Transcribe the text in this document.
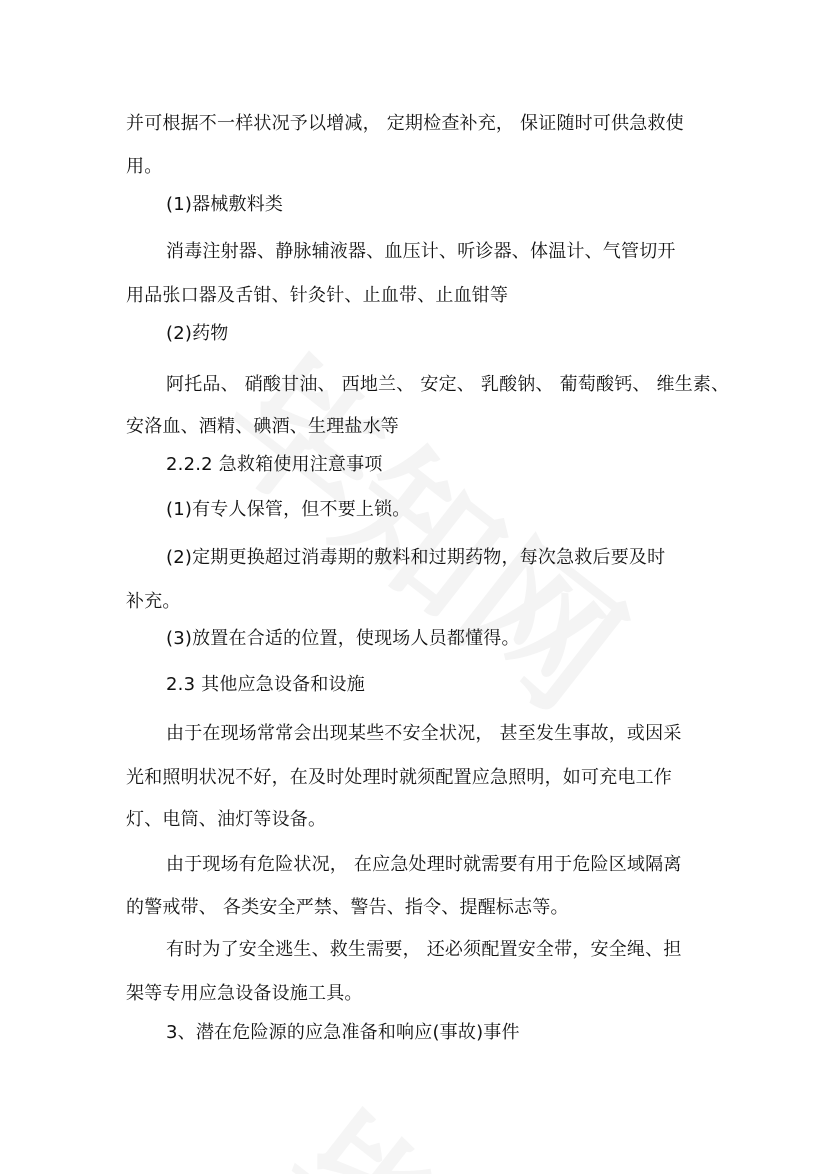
并可根据不一样状况予以增减， 定期检查补充， 保证随时可供急救使

用。

(1)器械敷料类

消毒注射器、静脉辅液器、血压计、听诊器、体温计、气管切开

用品张口器及舌钳、针灸针、止血带、止血钳等

(2)药物

阿托品、 硝酸甘油、 西地兰、 安定、 乳酸钠、 葡萄酸钙、 维生素、

安洛血、酒精、碘酒、生理盐水等

2.2.2 急救箱使用注意事项

(1)有专人保管，但不要上锁。

(2)定期更换超过消毒期的敷料和过期药物，每次急救后要及时

补充。

(3)放置在合适的位置，使现场人员都懂得。

2.3 其他应急设备和设施

由于在现场常常会出现某些不安全状况， 甚至发生事故，或因采

光和照明状况不好，在及时处理时就须配置应急照明，如可充电工作

灯、电筒、油灯等设备。

由于现场有危险状况， 在应急处理时就需要有用于危险区域隔离

的警戒带、 各类安全严禁、警告、指令、提醒标志等。

有时为了安全逃生、救生需要， 还必须配置安全带，安全绳、担

架等专用应急设备设施工具。

3、潜在危险源的应急准备和响应(事故)事件
